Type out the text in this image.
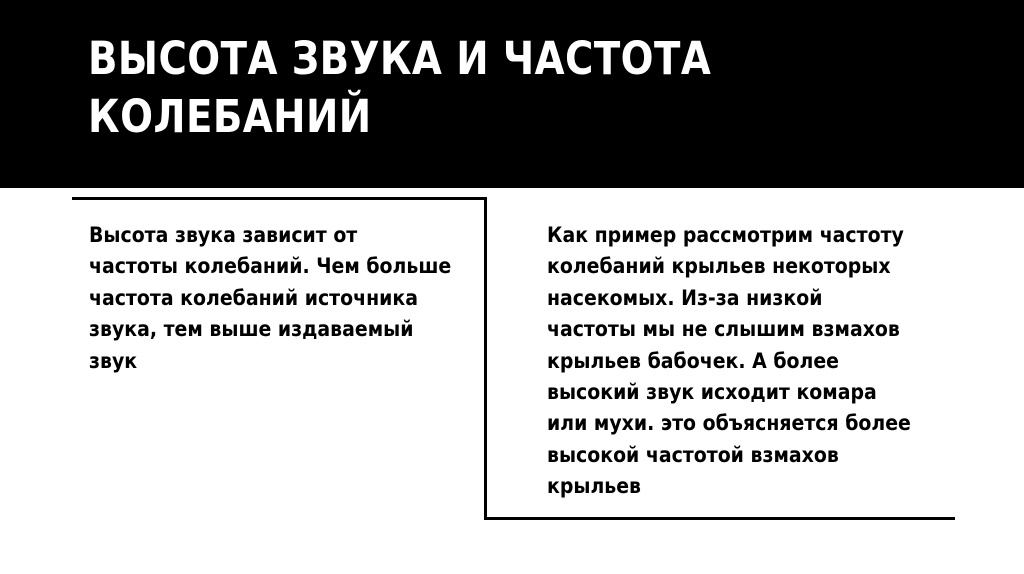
ВЫСОТА ЗВУКА И ЧАСТОТА
КОЛЕБАНИЙ

Высота звука зависит от
частоты колебаний. Чем больше
частота колебаний источника
звука, тем выше издаваемый
звук

Как пример рассмотрим частоту
колебаний крыльев некоторых
насекомых. Из-за низкой
частоты мы не слышим взмахов
крыльев бабочек. А более
высокий звук исходит комара
или мухи. это объясняется более
высокой частотой взмахов
крыльев
